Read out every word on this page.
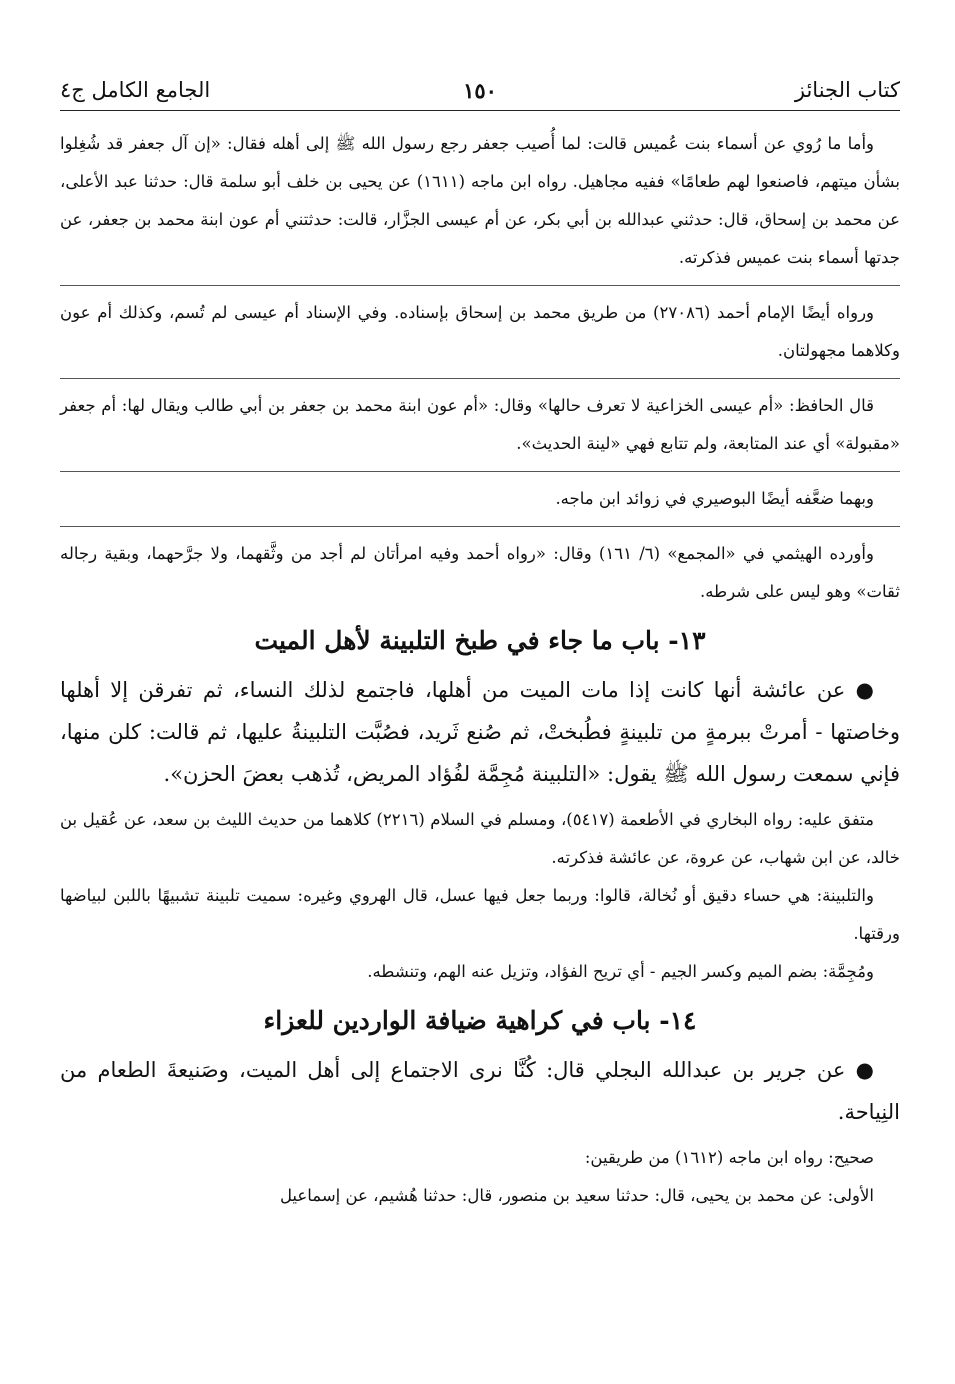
كتاب الجنائز
١٥٠
الجامع الكامل ج٤

وأما ما رُوي عن أسماء بنت عُميس قالت: لما أُصيب جعفر رجع رسول الله ﷺ إلى أهله فقال: «إن آل جعفر قد شُغِلوا بشأن ميتهم، فاصنعوا لهم طعامًا» ففيه مجاهيل. رواه ابن ماجه (١٦١١) عن يحيى بن خلف أبو سلمة قال: حدثنا عبد الأعلى، عن محمد بن إسحاق، قال: حدثني عبدالله بن أبي بكر، عن أم عيسى الجزَّار، قالت: حدثتني أم عون ابنة محمد بن جعفر، عن جدتها أسماء بنت عميس فذكرته.

ورواه أيضًا الإمام أحمد (٢٧٠٨٦) من طريق محمد بن إسحاق بإسناده. وفي الإسناد أم عيسى لم تُسم، وكذلك أم عون وكلاهما مجهولتان.

قال الحافظ: «أم عيسى الخزاعية لا تعرف حالها» وقال: «أم عون ابنة محمد بن جعفر بن أبي طالب ويقال لها: أم جعفر «مقبولة» أي عند المتابعة، ولم تتابع فهي «لينة الحديث».

وبهما ضعَّفه أيضًا البوصيري في زوائد ابن ماجه.

وأورده الهيثمي في «المجمع» (٦/ ١٦١) وقال: «رواه أحمد وفيه امرأتان لم أجد من وثَّقهما، ولا جرَّحهما، وبقية رجاله ثقات» وهو ليس على شرطه.

١٣- باب ما جاء في طبخ التلبينة لأهل الميت

● عن عائشة أنها كانت إذا مات الميت من أهلها، فاجتمع لذلك النساء، ثم تفرقن إلا أهلها وخاصتها - أمرتْ ببرمةٍ من تلبينةٍ فطُبختْ، ثم صُنع ثَريد، فصُبَّت التلبينةُ عليها، ثم قالت: كلن منها، فإني سمعت رسول الله ﷺ يقول: «التلبينة مُجِمَّة لفُؤاد المريض، تُذهب بعضَ الحزن».

متفق عليه: رواه البخاري في الأطعمة (٥٤١٧)، ومسلم في السلام (٢٢١٦) كلاهما من حديث الليث بن سعد، عن عُقيل بن خالد، عن ابن شهاب، عن عروة، عن عائشة فذكرته.

والتلبينة: هي حساء دقيق أو نُخالة، قالوا: وربما جعل فيها عسل، قال الهروي وغيره: سميت تلبينة تشبيهًا باللبن لبياضها ورقتها.

ومُجِمَّة: بضم الميم وكسر الجيم - أي تريح الفؤاد، وتزيل عنه الهم، وتنشطه.

١٤- باب في كراهية ضيافة الواردين للعزاء

● عن جرير بن عبدالله البجلي قال: كُنَّا نرى الاجتماع إلى أهل الميت، وصَنيعةَ الطعام من النِياحة.

صحيح: رواه ابن ماجه (١٦١٢) من طريقين:

الأولى: عن محمد بن يحيى، قال: حدثنا سعيد بن منصور، قال: حدثنا هُشيم، عن إسماعيل
